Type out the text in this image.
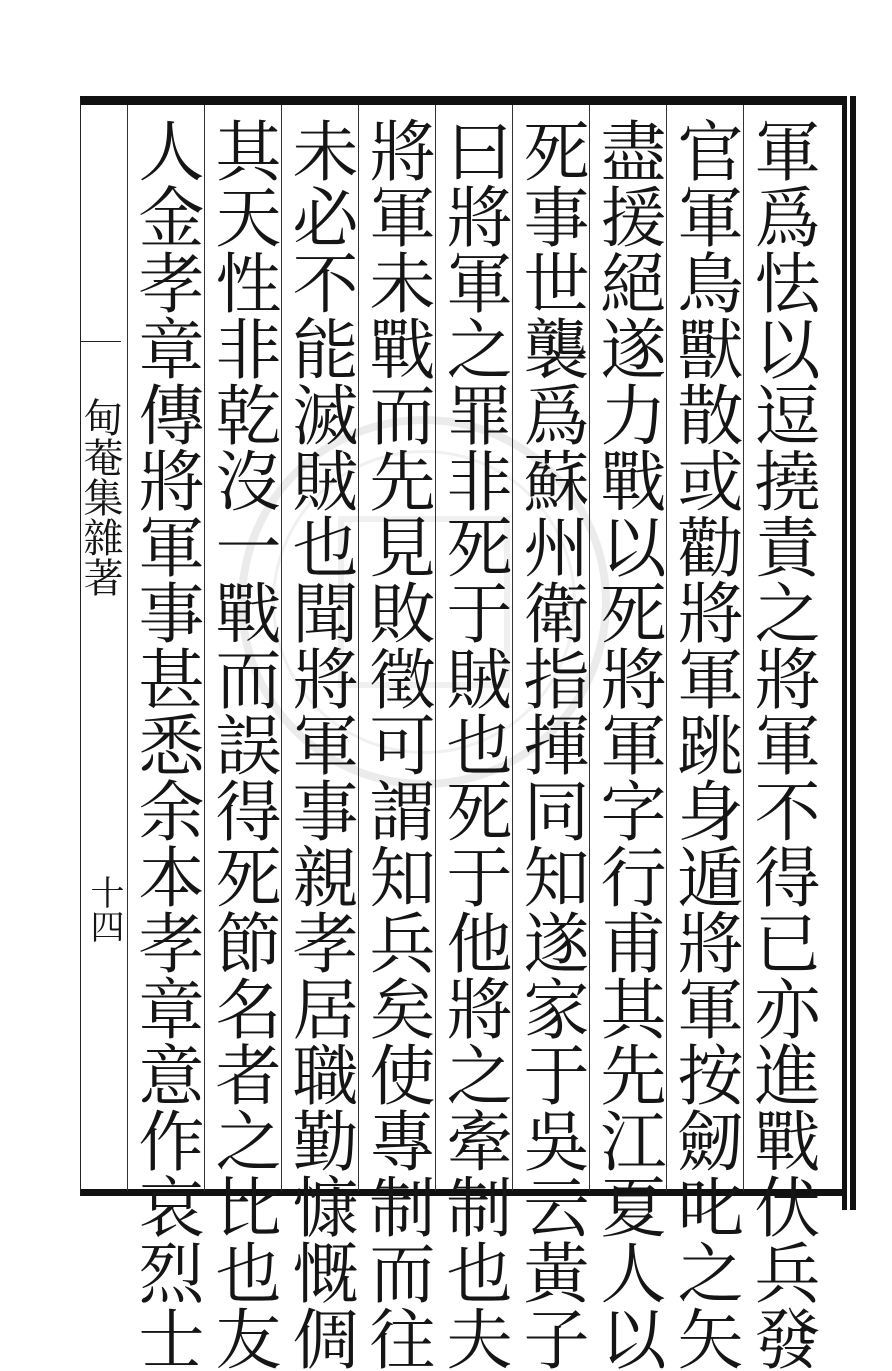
甸菴集雜著
十四 人金孝章傳將軍事甚悉余本孝章意作哀烈士 其天性非乾沒一戰而誤得死節名者之比也友 未必不能滅賊也聞將軍事親孝居職勤慷慨倜 將軍未戰而先見敗徵可謂知兵矣使專制而往 曰將軍之罪非死于賊也死于他將之牽制也夫 死事世襲爲蘇州衛指揮同知遂家于吳云黃子 盡援絕遂力戰以死將軍字行甫其先江夏人以 官軍鳥獸散或勸將軍跳身遁將軍按劒叱之矢 軍爲怯以逗撓責之將軍不得已亦進戰伏兵發
